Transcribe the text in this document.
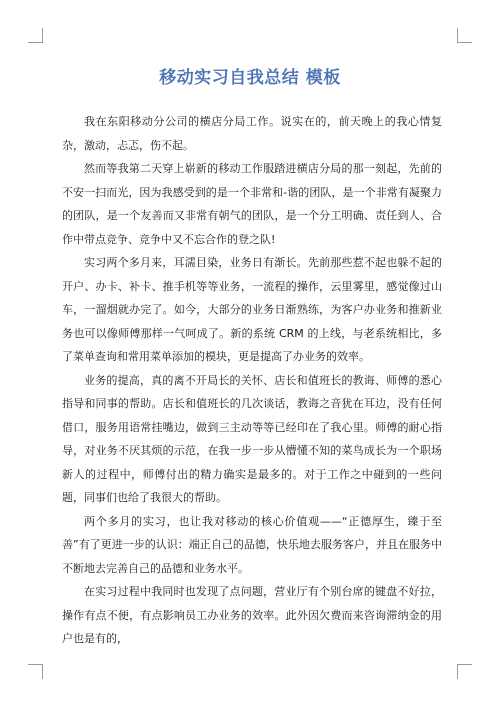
移动实习自我总结 模板

我在东阳移动分公司的横店分局工作。说实在的，前天晚上的我心情复杂，激动，忐忑，伤不起。

然而等我第二天穿上崭新的移动工作服踏进横店分局的那一刻起，先前的不安一扫而光，因为我感受到的是一个非常和-谐的团队，是一个非常有凝聚力的团队，是一个友善而又非常有朝气的团队，是一个分工明确、责任到人、合作中带点竞争、竞争中又不忘合作的登之队!

实习两个多月来，耳濡目染，业务日有渐长。先前那些惹不起也躲不起的开户、办卡、补卡、推手机等等业务，一流程的操作，云里雾里，感觉像过山车，一溜烟就办完了。如今，大部分的业务日渐熟练，为客户办业务和推新业务也可以像师傅那样一气呵成了。新的系统 CRM 的上线，与老系统相比，多了菜单查询和常用菜单添加的模块，更是提高了办业务的效率。

业务的提高，真的离不开局长的关怀、店长和值班长的教诲、师傅的悉心指导和同事的帮助。店长和值班长的几次谈话，教诲之音犹在耳边，没有任何借口，服务用语常挂嘴边，做到三主动等等已经印在了我心里。师傅的耐心指导，对业务不厌其烦的示范，在我一步一步从懵懂不知的菜鸟成长为一个职场新人的过程中，师傅付出的精力确实是最多的。对于工作之中碰到的一些问题，同事们也给了我很大的帮助。

两个多月的实习，也让我对移动的核心价值观——“正德厚生，臻于至善”有了更进一步的认识：端正自己的品德，快乐地去服务客户，并且在服务中不断地去完善自己的品德和业务水平。

在实习过程中我同时也发现了点问题，营业厅有个别台席的键盘不好拉，操作有点不便，有点影响员工办业务的效率。此外因欠费而来咨询滞纳金的用户也是有的，
